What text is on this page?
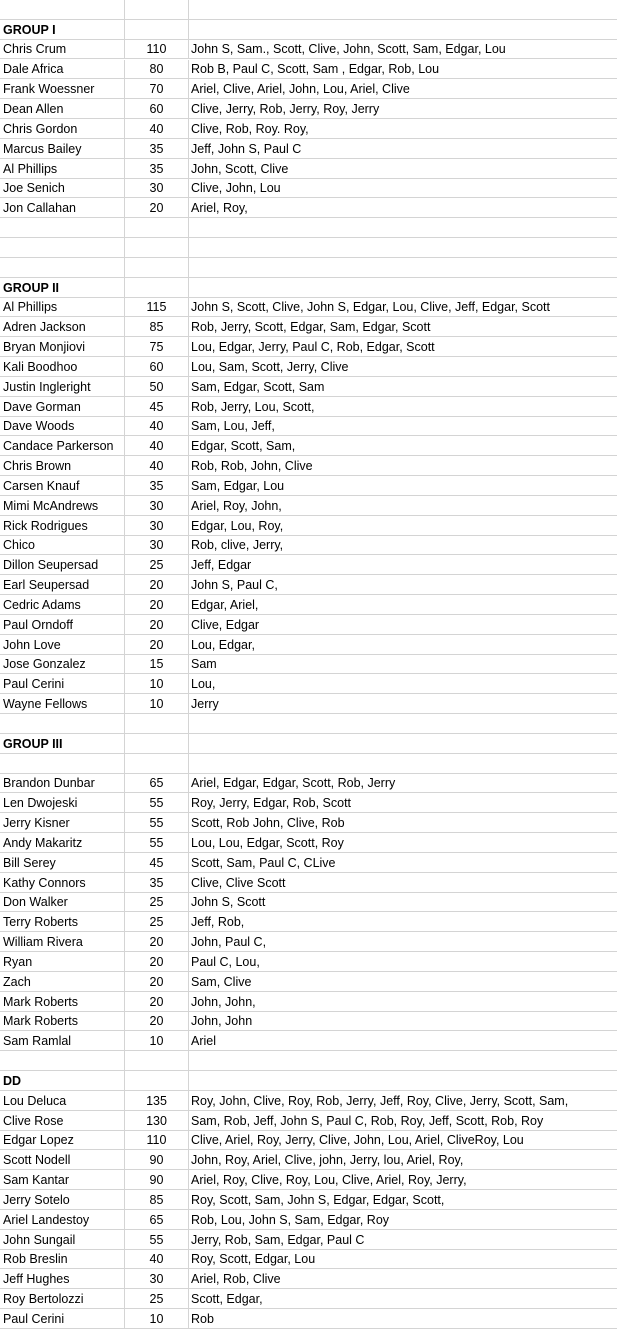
GROUP I
Chris Crum	110	John S, Sam., Scott, Clive, John, Scott, Sam, Edgar, Lou
Dale Africa	80	Rob B, Paul C, Scott, Sam , Edgar, Rob, Lou
Frank Woessner	70	Ariel, Clive, Ariel, John, Lou, Ariel, Clive
Dean Allen	60	Clive, Jerry, Rob, Jerry, Roy, Jerry
Chris Gordon	40	Clive, Rob, Roy. Roy,
Marcus Bailey	35	Jeff, John S, Paul C
Al Phillips	35	John, Scott, Clive
Joe Senich	30	Clive, John, Lou
Jon Callahan	20	Ariel, Roy,
GROUP II
Al Phillips	115	John S, Scott, Clive, John S, Edgar, Lou, Clive, Jeff, Edgar, Scott
Adren Jackson	85	Rob, Jerry, Scott, Edgar, Sam, Edgar, Scott
Bryan Monjiovi	75	Lou, Edgar, Jerry, Paul C, Rob, Edgar, Scott
Kali Boodhoo	60	Lou, Sam, Scott, Jerry, Clive
Justin Ingleright	50	Sam, Edgar, Scott, Sam
Dave Gorman	45	Rob, Jerry, Lou, Scott,
Dave Woods	40	Sam, Lou, Jeff,
Candace Parkerson	40	Edgar, Scott, Sam,
Chris Brown	40	Rob, Rob, John, Clive
Carsen Knauf	35	Sam, Edgar, Lou
Mimi McAndrews	30	Ariel, Roy, John,
Rick Rodrigues	30	Edgar, Lou, Roy,
Chico	30	Rob, clive, Jerry,
Dillon Seupersad	25	Jeff, Edgar
Earl Seupersad	20	John S, Paul C,
Cedric Adams	20	Edgar, Ariel,
Paul Orndoff	20	Clive, Edgar
John Love	20	Lou, Edgar,
Jose Gonzalez	15	Sam
Paul Cerini	10	Lou,
Wayne Fellows	10	Jerry
GROUP III
Brandon Dunbar	65	Ariel, Edgar, Edgar, Scott, Rob, Jerry
Len Dwojeski	55	Roy, Jerry, Edgar, Rob, Scott
Jerry Kisner	55	Scott, Rob John, Clive, Rob
Andy Makaritz	55	Lou, Lou, Edgar, Scott, Roy
Bill Serey	45	Scott, Sam, Paul C, CLive
Kathy Connors	35	Clive, Clive Scott
Don Walker	25	John S, Scott
Terry Roberts	25	Jeff, Rob,
William Rivera	20	John, Paul C,
Ryan	20	Paul C, Lou,
Zach	20	Sam, Clive
Mark Roberts	20	John, John,
Mark Roberts	20	John, John
Sam Ramlal	10	Ariel
DD
Lou Deluca	135	Roy, John, Clive, Roy, Rob, Jerry, Jeff, Roy, Clive, Jerry, Scott, Sam,
Clive Rose	130	Sam, Rob, Jeff, John S, Paul C, Rob, Roy, Jeff, Scott, Rob, Roy
Edgar Lopez	110	Clive, Ariel, Roy, Jerry, Clive, John, Lou, Ariel, CliveRoy, Lou
Scott Nodell	90	John, Roy, Ariel, Clive, john, Jerry, lou, Ariel, Roy,
Sam Kantar	90	Ariel, Roy, Clive, Roy, Lou, Clive, Ariel, Roy, Jerry,
Jerry Sotelo	85	Roy, Scott, Sam, John S, Edgar, Edgar, Scott,
Ariel Landestoy	65	Rob, Lou, John S, Sam, Edgar, Roy
John Sungail	55	Jerry, Rob, Sam, Edgar, Paul C
Rob Breslin	40	Roy, Scott, Edgar, Lou
Jeff Hughes	30	Ariel, Rob, Clive
Roy Bertolozzi	25	Scott, Edgar,
Paul Cerini	10	Rob
